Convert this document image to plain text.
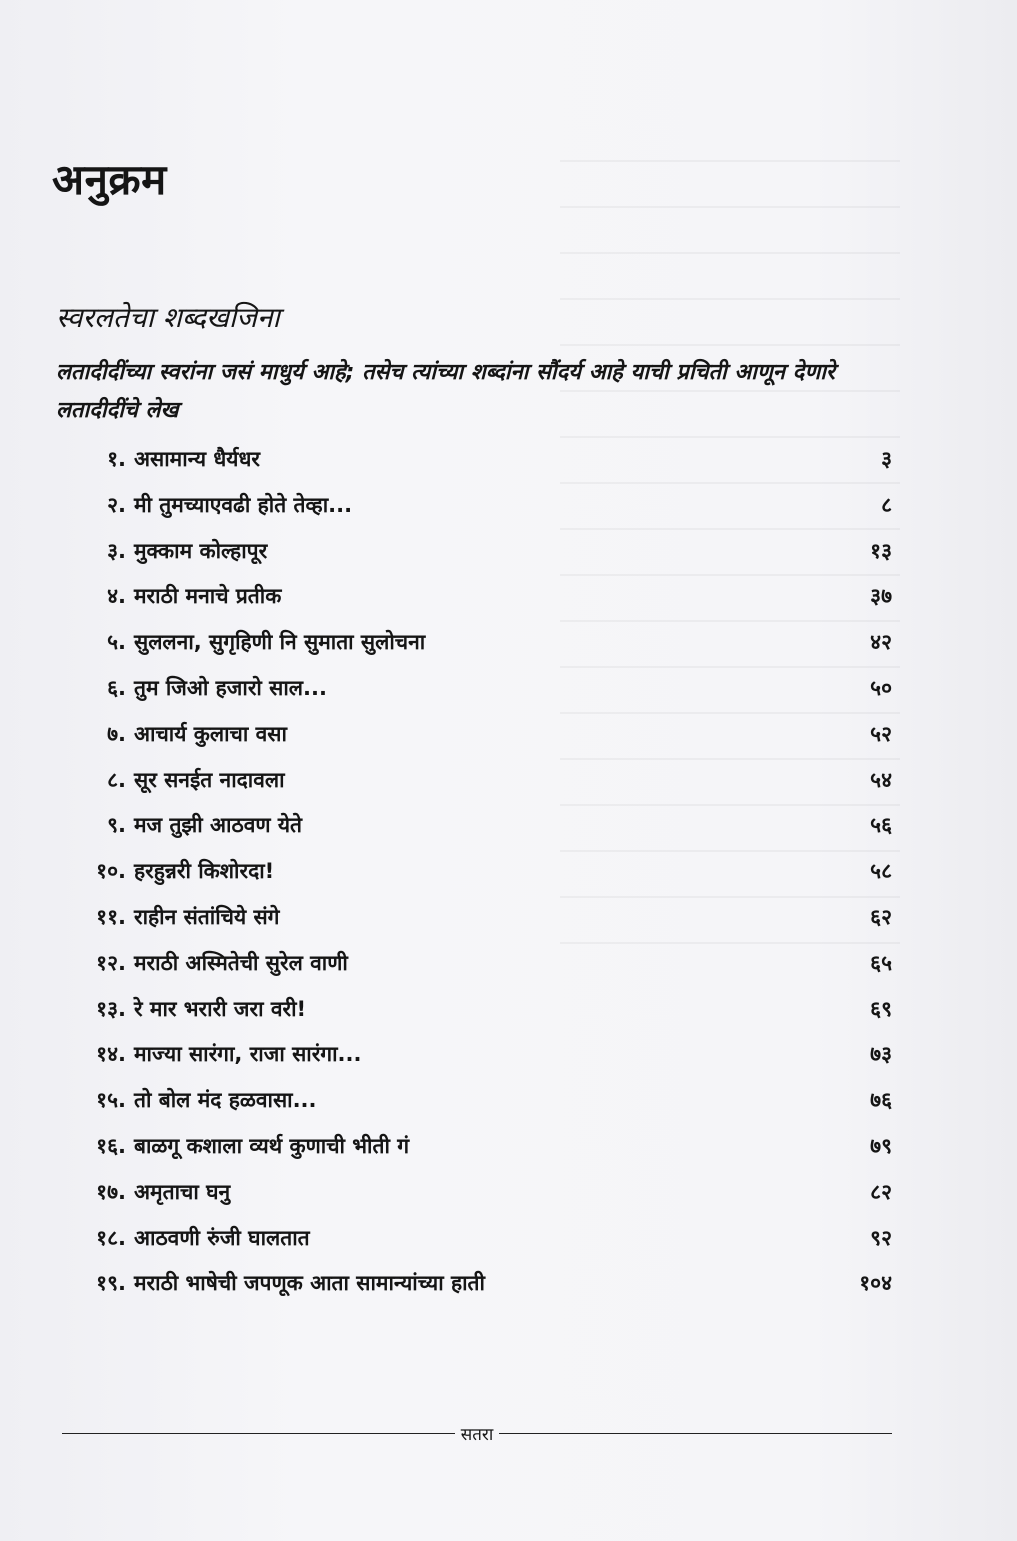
अनुक्रम
स्वरलतेचा शब्दखजिना
लतादीदींच्या स्वरांना जसं माधुर्य आहे; तसेच त्यांच्या शब्दांना सौंदर्य आहे याची प्रचिती आणून देणारे लतादीदींचे लेख
१. असामान्य धैर्यधर	३
२. मी तुमच्याएवढी होते तेव्हा...	८
३. मुक्काम कोल्हापूर	१३
४. मराठी मनाचे प्रतीक	३७
५. सुललना, सुगृहिणी नि सुमाता सुलोचना	४२
६. तुम जिओ हजारो साल...	५०
७. आचार्य कुलाचा वसा	५२
८. सूर सनईत नादावला	५४
९. मज तुझी आठवण येते	५६
१०. हरहुन्नरी किशोरदा!	५८
११. राहीन संतांचिये संगे	६२
१२. मराठी अस्मितेची सुरेल वाणी	६५
१३. रे मार भरारी जरा वरी!	६९
१४. माज्या सारंगा, राजा सारंगा...	७३
१५. तो बोल मंद हळवासा...	७६
१६. बाळगू कशाला व्यर्थ कुणाची भीती गं	७९
१७. अमृताचा घनु	८२
१८. आठवणी रुंजी घालतात	९२
१९. मराठी भाषेची जपणूक आता सामान्यांच्या हाती	१०४
सतरा
